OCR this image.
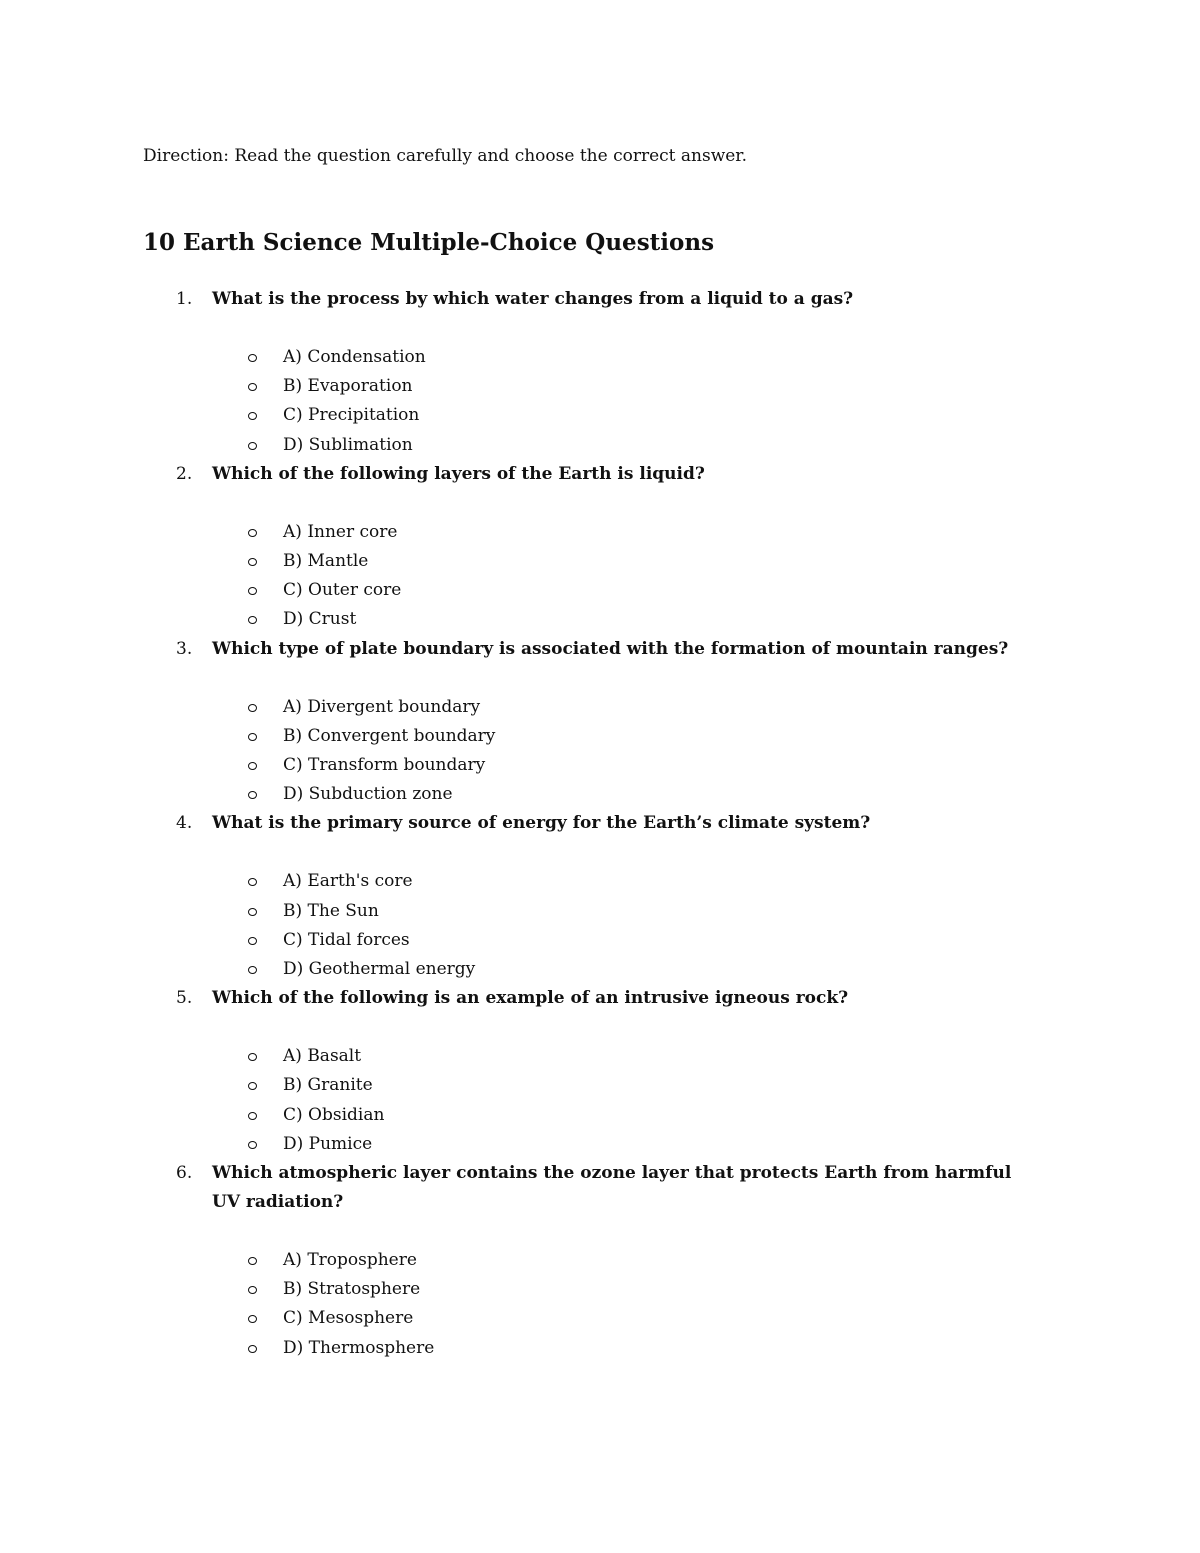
Direction: Read the question carefully and choose the correct answer.
10 Earth Science Multiple-Choice Questions
1. What is the process by which water changes from a liquid to a gas?
A) Condensation
B) Evaporation
C) Precipitation
D) Sublimation
2. Which of the following layers of the Earth is liquid?
A) Inner core
B) Mantle
C) Outer core
D) Crust
3. Which type of plate boundary is associated with the formation of mountain ranges?
A) Divergent boundary
B) Convergent boundary
C) Transform boundary
D) Subduction zone
4. What is the primary source of energy for the Earth’s climate system?
A) Earth's core
B) The Sun
C) Tidal forces
D) Geothermal energy
5. Which of the following is an example of an intrusive igneous rock?
A) Basalt
B) Granite
C) Obsidian
D) Pumice
6. Which atmospheric layer contains the ozone layer that protects Earth from harmful UV radiation?
A) Troposphere
B) Stratosphere
C) Mesosphere
D) Thermosphere
